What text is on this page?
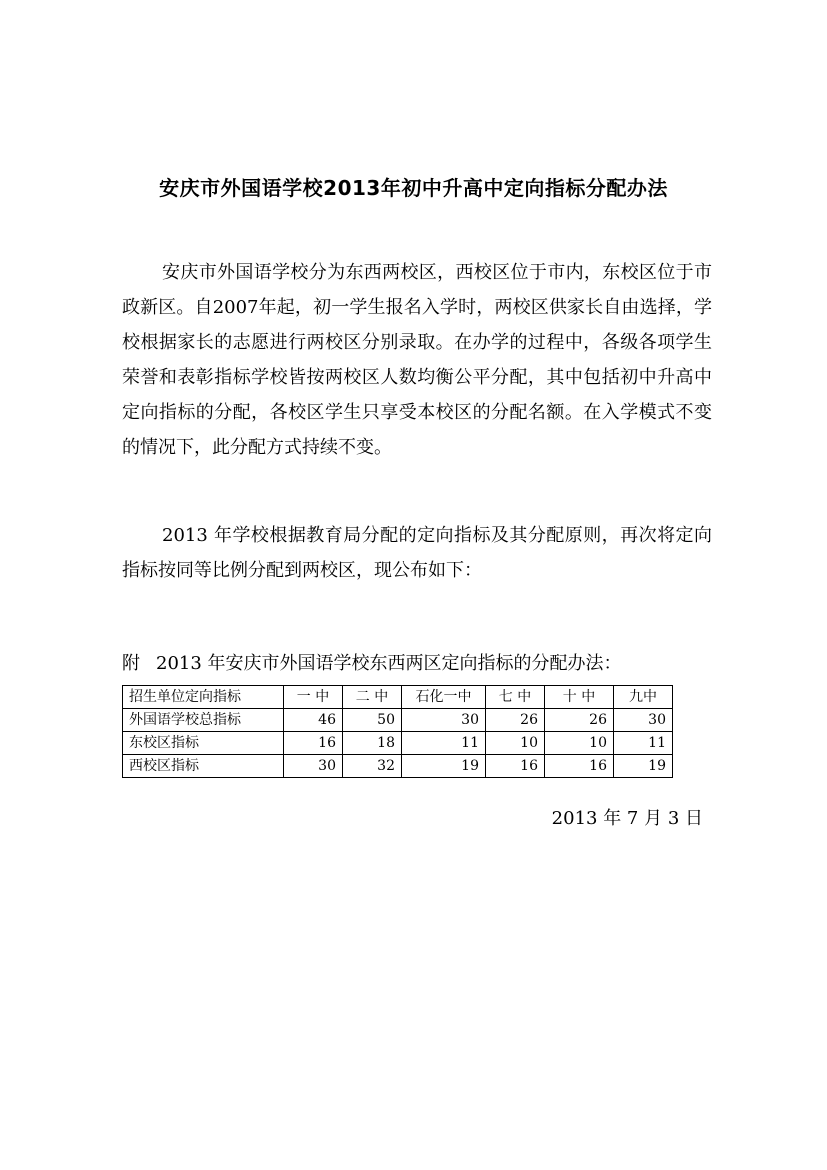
安庆市外国语学校2013年初中升高中定向指标分配办法

安庆市外国语学校分为东西两校区，西校区位于市内，东校区位于市政新区。自2007年起，初一学生报名入学时，两校区供家长自由选择，学校根据家长的志愿进行两校区分别录取。在办学的过程中，各级各项学生荣誉和表彰指标学校皆按两校区人数均衡公平分配，其中包括初中升高中定向指标的分配，各校区学生只享受本校区的分配名额。在入学模式不变的情况下，此分配方式持续不变。

2013 年学校根据教育局分配的定向指标及其分配原则，再次将定向指标按同等比例分配到两校区，现公布如下：

附 2013 年安庆市外国语学校东西两区定向指标的分配办法：
招生单位定向指标	一 中	二 中	石化一中	七 中	十 中	九中
外国语学校总指标	46	50	30	26	26	30
东校区指标	16	18	11	10	10	11
西校区指标	30	32	19	16	16	19
2013 年 7 月 3 日
